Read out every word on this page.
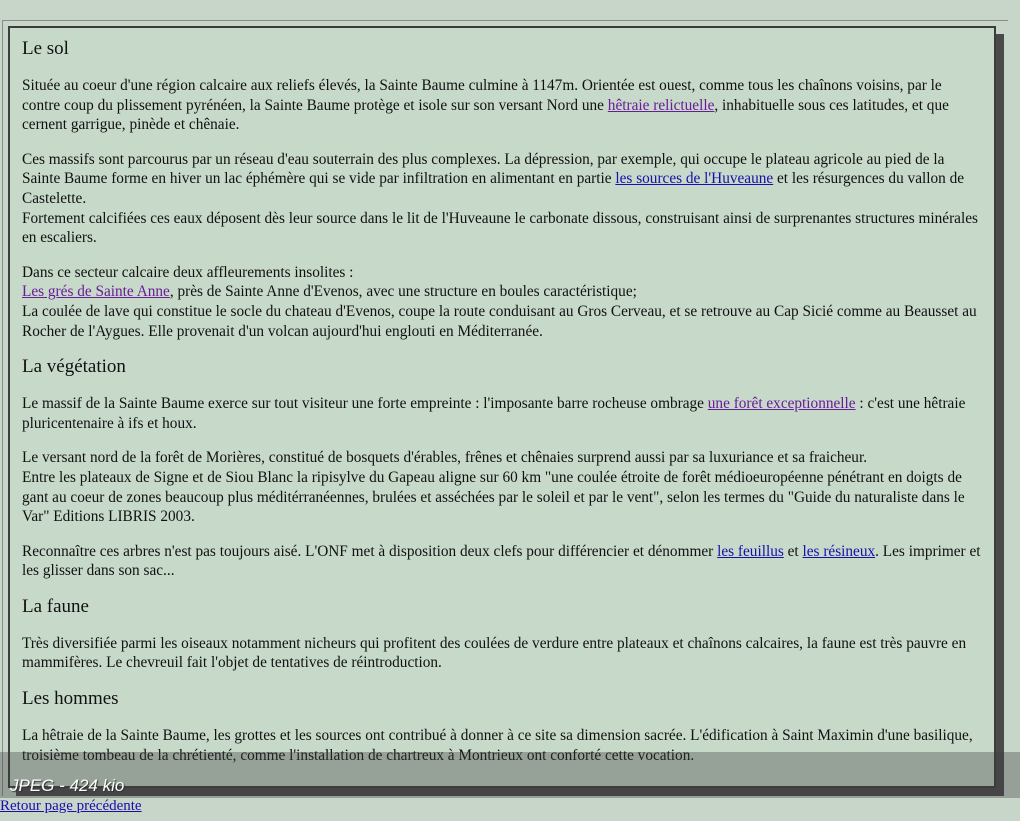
Le sol

Située au coeur d'une région calcaire aux reliefs élevés, la Sainte Baume culmine à 1147m. Orientée est ouest, comme tous les chaînons voisins, par le contre coup du plissement pyrénéen, la Sainte Baume protège et isole sur son versant Nord une hêtraie relictuelle, inhabituelle sous ces latitudes, et que cernent garrigue, pinède et chênaie.

Ces massifs sont parcourus par un réseau d'eau souterrain des plus complexes. La dépression, par exemple, qui occupe le plateau agricole au pied de la Sainte Baume forme en hiver un lac éphémère qui se vide par infiltration en alimentant en partie les sources de l'Huveaune et les résurgences du vallon de Castelette.
Fortement calcifiées ces eaux déposent dès leur source dans le lit de l'Huveaune le carbonate dissous, construisant ainsi de surprenantes structures minérales en escaliers.

Dans ce secteur calcaire deux affleurements insolites :
Les grés de Sainte Anne, près de Sainte Anne d'Evenos, avec une structure en boules caractéristique;
La coulée de lave qui constitue le socle du chateau d'Evenos, coupe la route conduisant au Gros Cerveau, et se retrouve au Cap Sicié comme au Beausset au Rocher de l'Aygues. Elle provenait d'un volcan aujourd'hui englouti en Méditerranée.

La végétation

Le massif de la Sainte Baume exerce sur tout visiteur une forte empreinte : l'imposante barre rocheuse ombrage une forêt exceptionnelle : c'est une hêtraie pluricentenaire à ifs et houx.

Le versant nord de la forêt de Morières, constitué de bosquets d'érables, frênes et chênaies surprend aussi par sa luxuriance et sa fraicheur.
Entre les plateaux de Signe et de Siou Blanc la ripisylve du Gapeau aligne sur 60 km "une coulée étroite de forêt médioeuropéenne pénétrant en doigts de gant au coeur de zones beaucoup plus méditérranéennes, brulées et asséchées par le soleil et par le vent", selon les termes du "Guide du naturaliste dans le Var" Editions LIBRIS 2003.

Reconnaître ces arbres n'est pas toujours aisé. L'ONF met à disposition deux clefs pour différencier et dénommer les feuillus et les résineux. Les imprimer et les glisser dans son sac...

La faune

Très diversifiée parmi les oiseaux notamment nicheurs qui profitent des coulées de verdure entre plateaux et chaînons calcaires, la faune est très pauvre en mammifères. Le chevreuil fait l'objet de tentatives de réintroduction.

Les hommes

La hêtraie de la Sainte Baume, les grottes et les sources ont contribué à donner à ce site sa dimension sacrée. L'édification à Saint Maximin d'une basilique, troisième tombeau de la chrétienté, comme l'installation de chartreux à Montrieux ont conforté cette vocation.

JPEG - 424 kio
Retour page précédente
